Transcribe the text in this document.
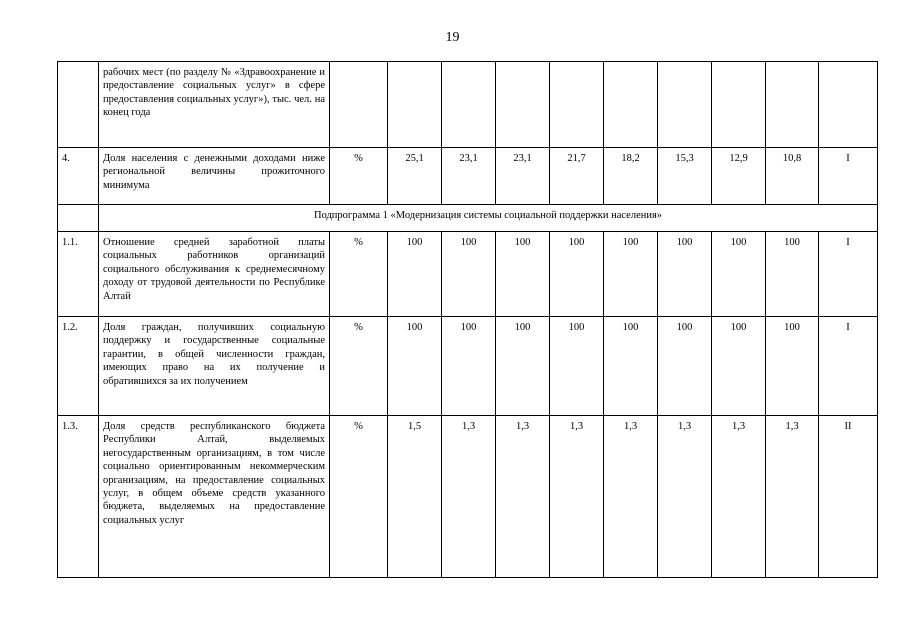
19
	рабочих мест (по разделу № «Здравоохранение и предоставление социальных услуг» в сфере предоставления социальных услуг»), тыс. чел. на конец года										
4.	Доля населения с денежными доходами ниже региональной величины прожиточного минимума	%	25,1	23,1	23,1	21,7	18,2	15,3	12,9	10,8	I
	Подпрограмма 1 «Модернизация системы социальной поддержки населения»										
1.1.	Отношение средней заработной платы социальных работников организаций социального обслуживания к среднемесячному доходу от трудовой деятельности по Республике Алтай	%	100	100	100	100	100	100	100	100	I
1.2.	Доля граждан, получивших социальную поддержку и государственные социальные гарантии, в общей численности граждан, имеющих право на их получение и обратившихся за их получением	%	100	100	100	100	100	100	100	100	I
1.3.	Доля средств республиканского бюджета Республики Алтай, выделяемых негосударственным организациям, в том числе социально ориентированным некоммерческим организациям, на предоставление социальных услуг, в общем объеме средств указанного бюджета, выделяемых на предоставление социальных услуг	%	1,5	1,3	1,3	1,3	1,3	1,3	1,3	1,3	II
